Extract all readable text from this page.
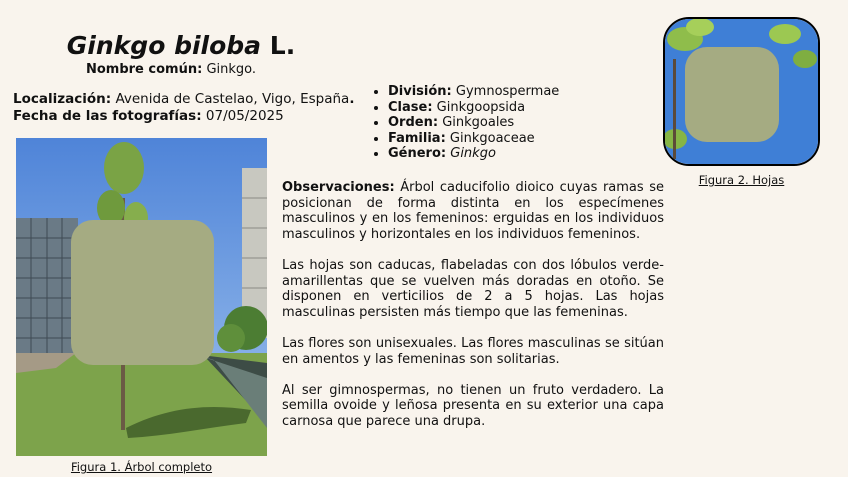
Ginkgo biloba L.
Nombre común: Ginkgo.
Localización: Avenida de Castelao, Vigo, España.
Fecha de las fotografías: 07/05/2025
Figura 1. Árbol completo
• División: Gymnospermae
• Clase: Ginkgoopsida
• Orden: Ginkgoales
• Familia: Ginkgoaceae
• Género: Ginkgo

Observaciones: Árbol caducifolio dioico cuyas ramas se posicionan de forma distinta en los especímenes masculinos y en los femeninos: erguidas en los individuos masculinos y horizontales en los individuos femeninos.

Las hojas son caducas, flabeladas con dos lóbulos verde-amarillentas que se vuelven más doradas en otoño. Se disponen en verticilios de 2 a 5 hojas. Las hojas masculinas persisten más tiempo que las femeninas.

Las flores son unisexuales. Las flores masculinas se sitúan en amentos y las femeninas son solitarias.

Al ser gimnospermas, no tienen un fruto verdadero. La semilla ovoide y leñosa presenta en su exterior una capa carnosa que parece una drupa.

Figura 2. Hojas
